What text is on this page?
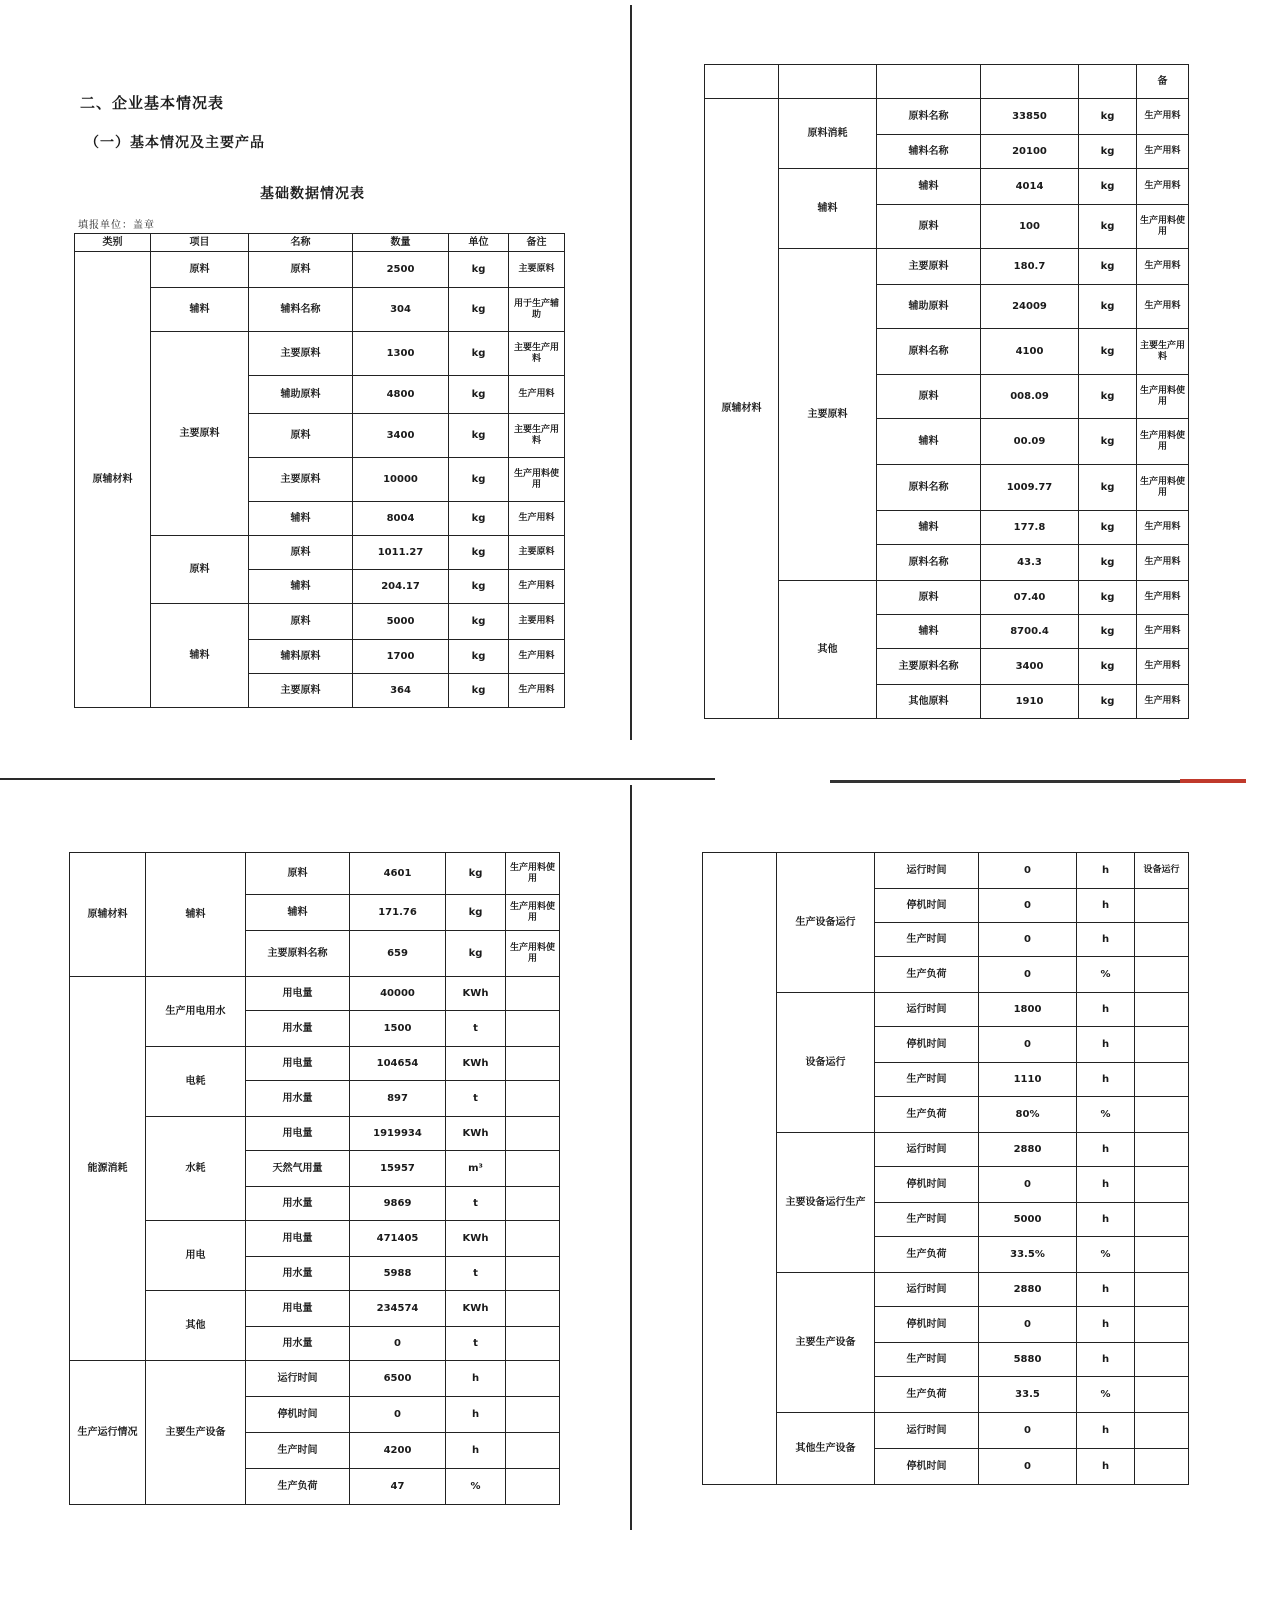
二、企业基本情况表
（一）基本情况及主要产品
基础数据情况表
填报单位：盖章
类别	项目	名称	数量	单位	备注
原辅材料	原料	原料	2500	kg	主要原料
	辅料	辅料名称	304	kg	用于生产辅助
	主要原料	主要原料	1300	kg	主要生产用料
		辅助原料	4800	kg	生产用料
		原料	3400	kg	主要生产用料
		主要原料	10000	kg	生产用料使用
		辅料	8004	kg	生产用料
	原料	原料	1011.27	kg	主要原料
		辅料	204.17	kg	生产用料
	辅料	原料	5000	kg	主要用料
		辅料原料	1700	kg	生产用料
		主要原料	364	kg	生产用料
					备
原辅材料	原料消耗	原料名称	33850	kg	生产用料
		辅料名称	20100	kg	生产用料
	辅料	辅料	4014	kg	生产用料
		原料	100	kg	生产用料使用
	主要原料	主要原料	180.7	kg	生产用料
		辅助原料	24009	kg	生产用料
		原料名称	4100	kg	主要生产用料
		原料	008.09	kg	生产用料使用
		辅料	00.09	kg	生产用料使用
		原料名称	1009.77	kg	生产用料使用
		辅料	177.8	kg	生产用料
		原料名称	43.3	kg	生产用料
	其他	原料	07.40	kg	生产用料
		辅料	8700.4	kg	生产用料
		主要原料名称	3400	kg	生产用料
		其他原料	1910	kg	生产用料
原辅材料	辅料	原料	4601	kg	生产用料使用
		辅料	171.76	kg	生产用料使用
		主要原料名称	659	kg	生产用料使用
能源消耗	生产用电用水	用电量	40000	KWh	
		用水量	1500	t	
	电耗	用电量	104654	KWh	
		用水量	897	t	
	水耗	用电量	1919934	KWh	
		天然气用量	15957	m³	
		用水量	9869	t	
	用电	用电量	471405	KWh	
		用水量	5988	t	
	其他	用电量	234574	KWh	
		用水量	0	t	
生产运行情况	主要生产设备	运行时间	6500	h	
		停机时间	0	h	
		生产时间	4200	h	
		生产负荷	47	%	
	生产设备运行	运行时间	0	h	设备运行
		停机时间	0	h	
		生产时间	0	h	
		生产负荷	0	%	
	设备运行	运行时间	1800	h	
		停机时间	0	h	
		生产时间	1110	h	
		生产负荷	80%	%	
	主要设备运行生产	运行时间	2880	h	
		停机时间	0	h	
		生产时间	5000	h	
		生产负荷	33.5%	%	
	主要生产设备	运行时间	2880	h	
		停机时间	0	h	
		生产时间	5880	h	
		生产负荷	33.5	%	
	其他生产设备	运行时间	0	h	
		停机时间	0	h	
